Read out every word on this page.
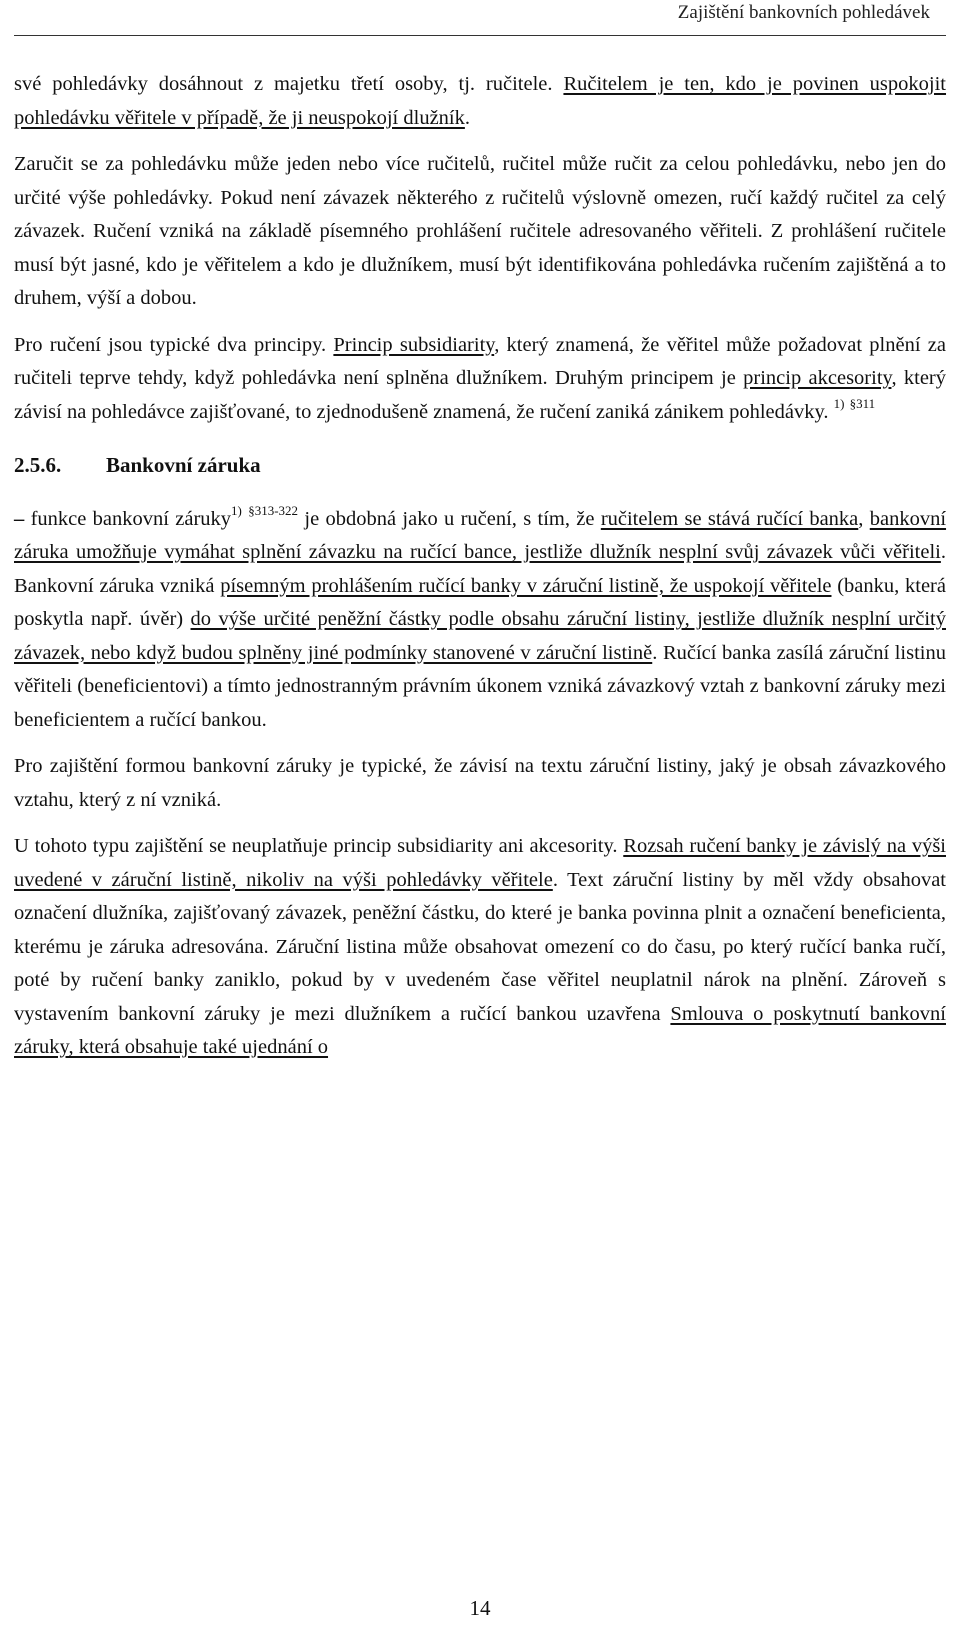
Zajištění bankovních pohledávek

své pohledávky dosáhnout z majetku třetí osoby, tj. ručitele. Ručitelem je ten, kdo je povinen uspokojit pohledávku věřitele v případě, že ji neuspokojí dlužník.

Zaručit se za pohledávku může jeden nebo více ručitelů, ručitel může ručit za celou pohledávku, nebo jen do určité výše pohledávky. Pokud není závazek některého z ručitelů výslovně omezen, ručí každý ručitel za celý závazek. Ručení vzniká na základě písemného prohlášení ručitele adresovaného věřiteli. Z prohlášení ručitele musí být jasné, kdo je věřitelem a kdo je dlužníkem, musí být identifikována pohledávka ručením zajištěná a to druhem, výší a dobou.

Pro ručení jsou typické dva principy. Princip subsidiarity, který znamená, že věřitel může požadovat plnění za ručiteli teprve tehdy, když pohledávka není splněna dlužníkem. Druhým principem je princip akcesority, který závisí na pohledávce zajišťované, to zjednodušeně znamená, že ručení zaniká zánikem pohledávky. $^{1)}$ $^{\S 311}$

2.5.6. Bankovní záruka

– funkce bankovní záruky$^{1)}$ $^{\S 313-322}$ je obdobná jako u ručení, s tím, že ručitelem se stává ručící banka, bankovní záruka umožňuje vymáhat splnění závazku na ručící bance, jestliže dlužník nesplní svůj závazek vůči věřiteli. Bankovní záruka vzniká písemným prohlášením ručící banky v záruční listině, že uspokojí věřitele (banku, která poskytla např. úvěr) do výše určité peněžní částky podle obsahu záruční listiny, jestliže dlužník nesplní určitý závazek, nebo když budou splněny jiné podmínky stanovené v záruční listině. Ručící banka zasílá záruční listinu věřiteli (beneficientovi) a tímto jednostranným právním úkonem vzniká závazkový vztah z bankovní záruky mezi beneficientem a ručící bankou.

Pro zajištění formou bankovní záruky je typické, že závisí na textu záruční listiny, jaký je obsah závazkového vztahu, který z ní vzniká.

U tohoto typu zajištění se neuplatňuje princip subsidiarity ani akcesority. Rozsah ručení banky je závislý na výši uvedené v záruční listině, nikoliv na výši pohledávky věřitele. Text záruční listiny by měl vždy obsahovat označení dlužníka, zajišťovaný závazek, peněžní částku, do které je banka povinna plnit a označení beneficienta, kterému je záruka adresována. Záruční listina může obsahovat omezení co do času, po který ručící banka ručí, poté by ručení banky zaniklo, pokud by v uvedeném čase věřitel neuplatnil nárok na plnění. Zároveň s vystavením bankovní záruky je mezi dlužníkem a ručící bankou uzavřena Smlouva o poskytnutí bankovní záruky, která obsahuje také ujednání o

14
